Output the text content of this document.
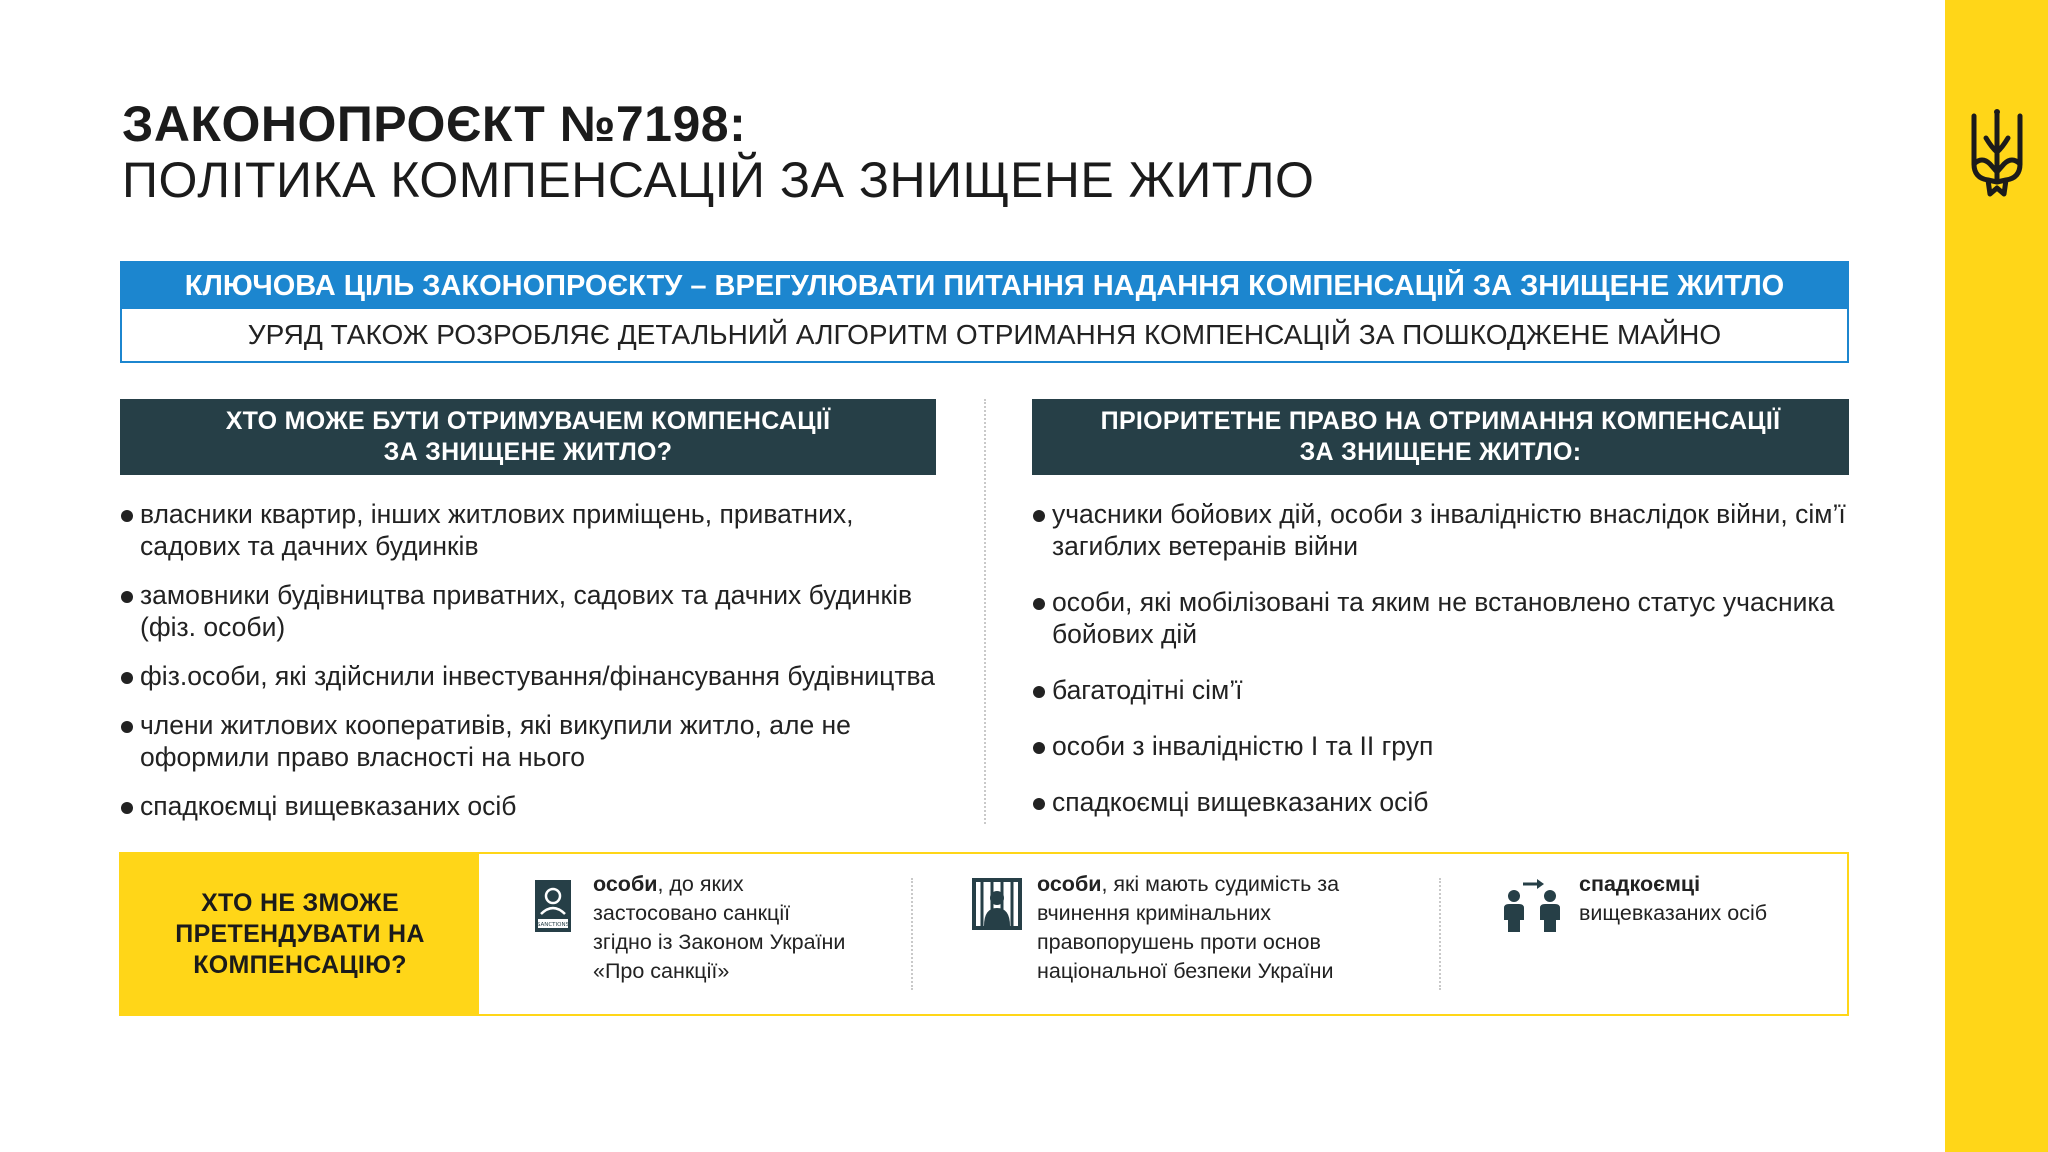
ЗАКОНОПРОЄКТ №7198:
ПОЛІТИКА КОМПЕНСАЦІЙ ЗА ЗНИЩЕНЕ ЖИТЛО
КЛЮЧОВА ЦІЛЬ ЗАКОНОПРОЄКТУ – ВРЕГУЛЮВАТИ ПИТАННЯ НАДАННЯ КОМПЕНСАЦІЙ ЗА ЗНИЩЕНЕ ЖИТЛО
УРЯД ТАКОЖ РОЗРОБЛЯЄ ДЕТАЛЬНИЙ АЛГОРИТМ ОТРИМАННЯ КОМПЕНСАЦІЙ ЗА ПОШКОДЖЕНЕ МАЙНО
ХТО МОЖЕ БУТИ ОТРИМУВАЧЕМ КОМПЕНСАЦІЇ
ЗА ЗНИЩЕНЕ ЖИТЛО?
ПРІОРИТЕТНЕ ПРАВО НА ОТРИМАННЯ КОМПЕНСАЦІЇ
ЗА ЗНИЩЕНЕ ЖИТЛО:
власники квартир, інших житлових приміщень, приватних, садових та дачних будинків
замовники будівництва приватних, садових та дачних будинків (фіз. особи)
фіз.особи, які здійснили інвестування/фінансування будівництва
члени житлових кооперативів, які викупили житло, але не оформили право власності на нього
спадкоємці вищевказаних осіб
учасники бойових дій, особи з інвалідністю внаслідок війни, сім’ї загиблих ветеранів війни
особи, які мобілізовані та яким не встановлено статус учасника бойових дій
багатодітні сім’ї
особи з інвалідністю І та ІІ груп
спадкоємці вищевказаних осіб
ХТО НЕ ЗМОЖЕ ПРЕТЕНДУВАТИ НА КОМПЕНСАЦІЮ?
SANCTIONS
особи, до яких застосовано санкції згідно із Законом України «Про санкції»
особи, які мають судимість за вчинення кримінальних правопорушень проти основ національної безпеки України
спадкоємці вищевказаних осіб
